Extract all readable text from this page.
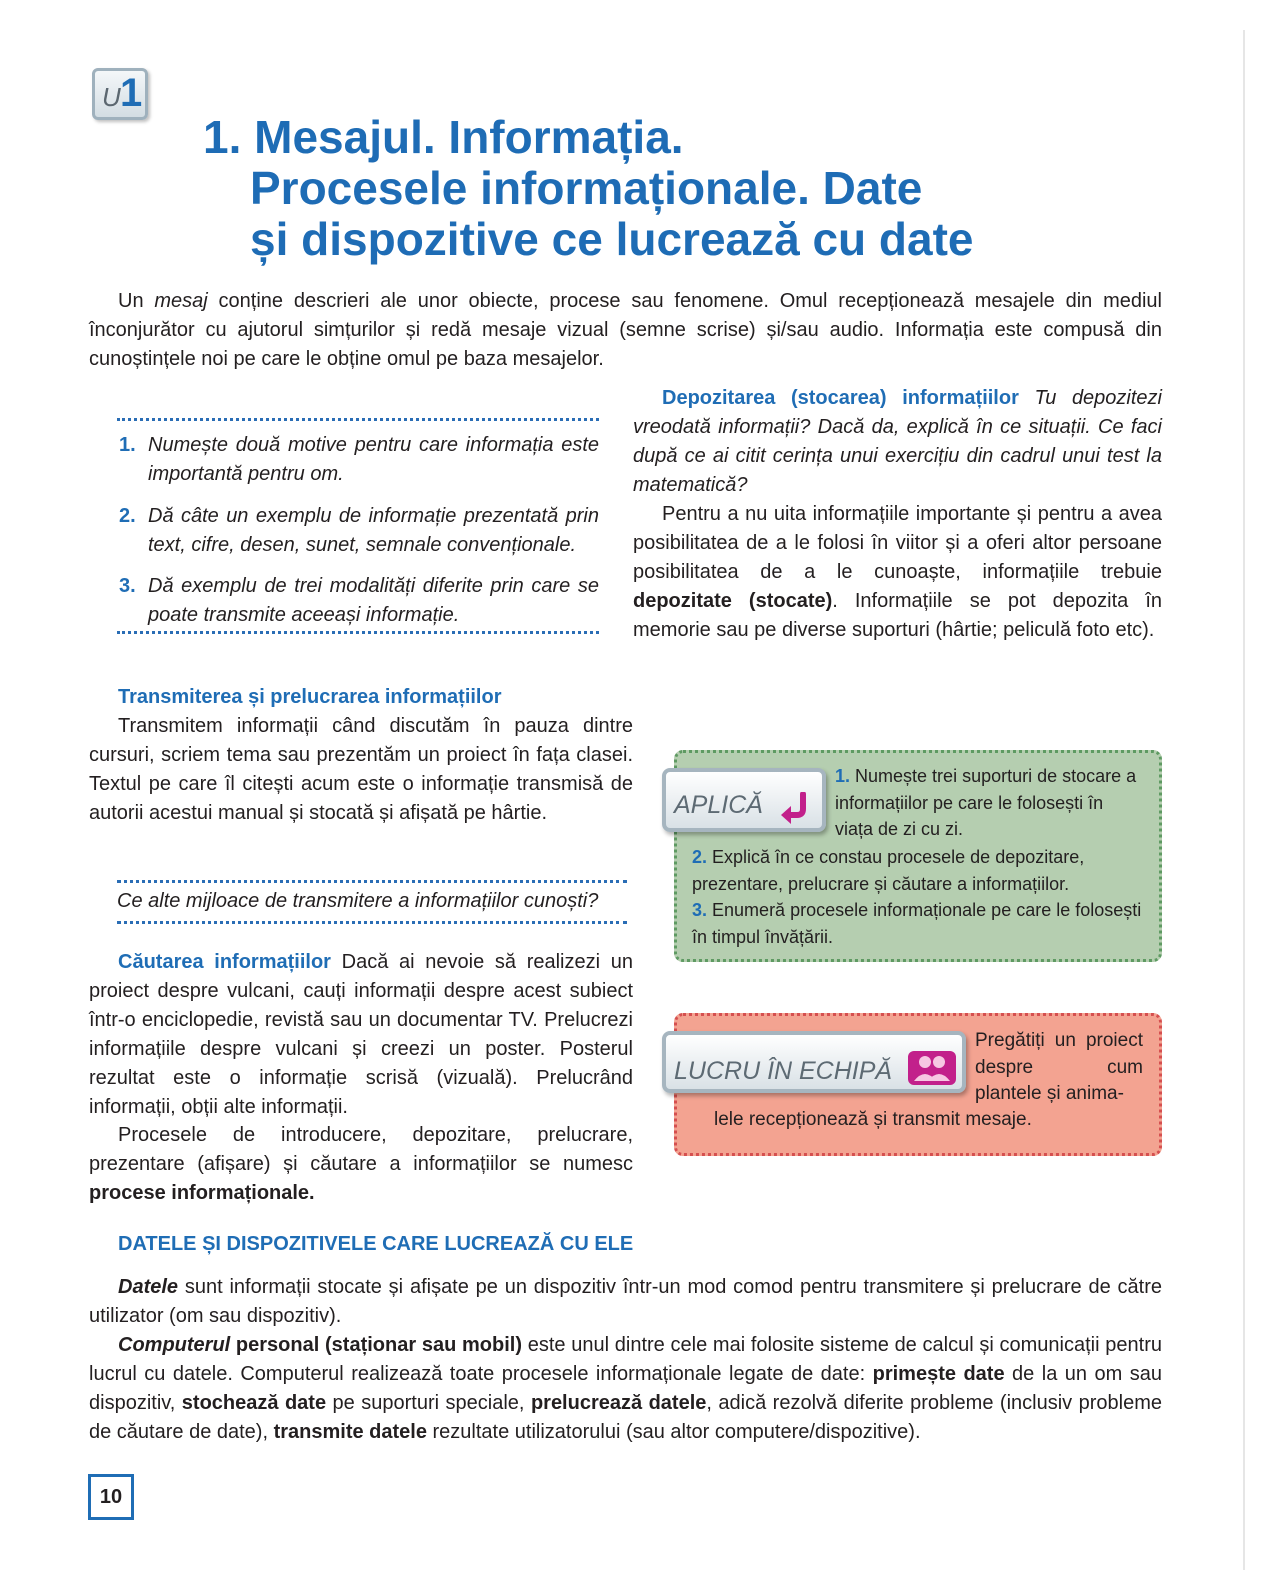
U 1
1. Mesajul. Informația.
Procesele informaționale. Date
și dispozitive ce lucrează cu date

Un mesaj conține descrieri ale unor obiecte, procese sau fenomene. Omul recepționează mesajele din mediul înconjurător cu ajutorul simțurilor și redă mesaje vizual (semne scrise) și/sau audio. Informația este compusă din cunoștințele noi pe care le obține omul pe baza mesajelor.

1. Numește două motive pentru care informația este importantă pentru om.
2. Dă câte un exemplu de informație prezentată prin text, cifre, desen, sunet, semnale convenționale.
3. Dă exemplu de trei modalități diferite prin care se poate transmite aceeași informație.

Depozitarea (stocarea) informațiilor Tu depozitezi vreodată informații? Dacă da, explică în ce situații. Ce faci după ce ai citit cerința unui exercițiu din cadrul unui test la matematică?

Pentru a nu uita informațiile importante și pentru a avea posibilitatea de a le folosi în viitor și a oferi altor persoane posibilitatea de a le cunoaște, informațiile trebuie depozitate (stocate). Informațiile se pot depozita în memorie sau pe diverse suporturi (hârtie; peliculă foto etc).

Transmiterea și prelucrarea informațiilor

Transmitem informații când discutăm în pauza dintre cursuri, scriem tema sau prezentăm un proiect în fața clasei. Textul pe care îl citești acum este o informație transmisă de autorii acestui manual și stocată și afișată pe hârtie.

Ce alte mijloace de transmitere a informațiilor cunoști?

Căutarea informațiilor Dacă ai nevoie să realizezi un proiect despre vulcani, cauți informații despre acest subiect într-o enciclopedie, revistă sau un documentar TV. Prelucrezi informațiile despre vulcani și creezi un poster. Posterul rezultat este o informație scrisă (vizuală). Prelucrând informații, obții alte informații.

Procesele de introducere, depozitare, prelucrare, prezentare (afișare) și căutare a informațiilor se numesc procese informaționale.

APLICĂ
1. Numește trei suporturi de stocare a informațiilor pe care le folosești în viața de zi cu zi.
2. Explică în ce constau procesele de depozitare, prezentare, prelucrare și căutare a informațiilor.
3. Enumeră procesele informaționale pe care le folosești în timpul învățării.
LUCRU ÎN ECHIPĂ
Pregătiți un proiect despre cum plantele și anima-
lele recepționează și transmit mesaje.
DATELE ȘI DISPOZITIVELE CARE LUCREAZĂ CU ELE

Datele sunt informații stocate și afișate pe un dispozitiv într-un mod comod pentru transmitere și prelucrare de către utilizator (om sau dispozitiv).

Computerul personal (staționar sau mobil) este unul dintre cele mai folosite sisteme de calcul și comunicații pentru lucrul cu datele. Computerul realizează toate procesele informaționale legate de date: primește date de la un om sau dispozitiv, stochează date pe suporturi speciale, prelucrează datele, adică rezolvă diferite probleme (inclusiv probleme de căutare de date), transmite datele rezultate utilizatorului (sau altor computere/dispozitive).

10
